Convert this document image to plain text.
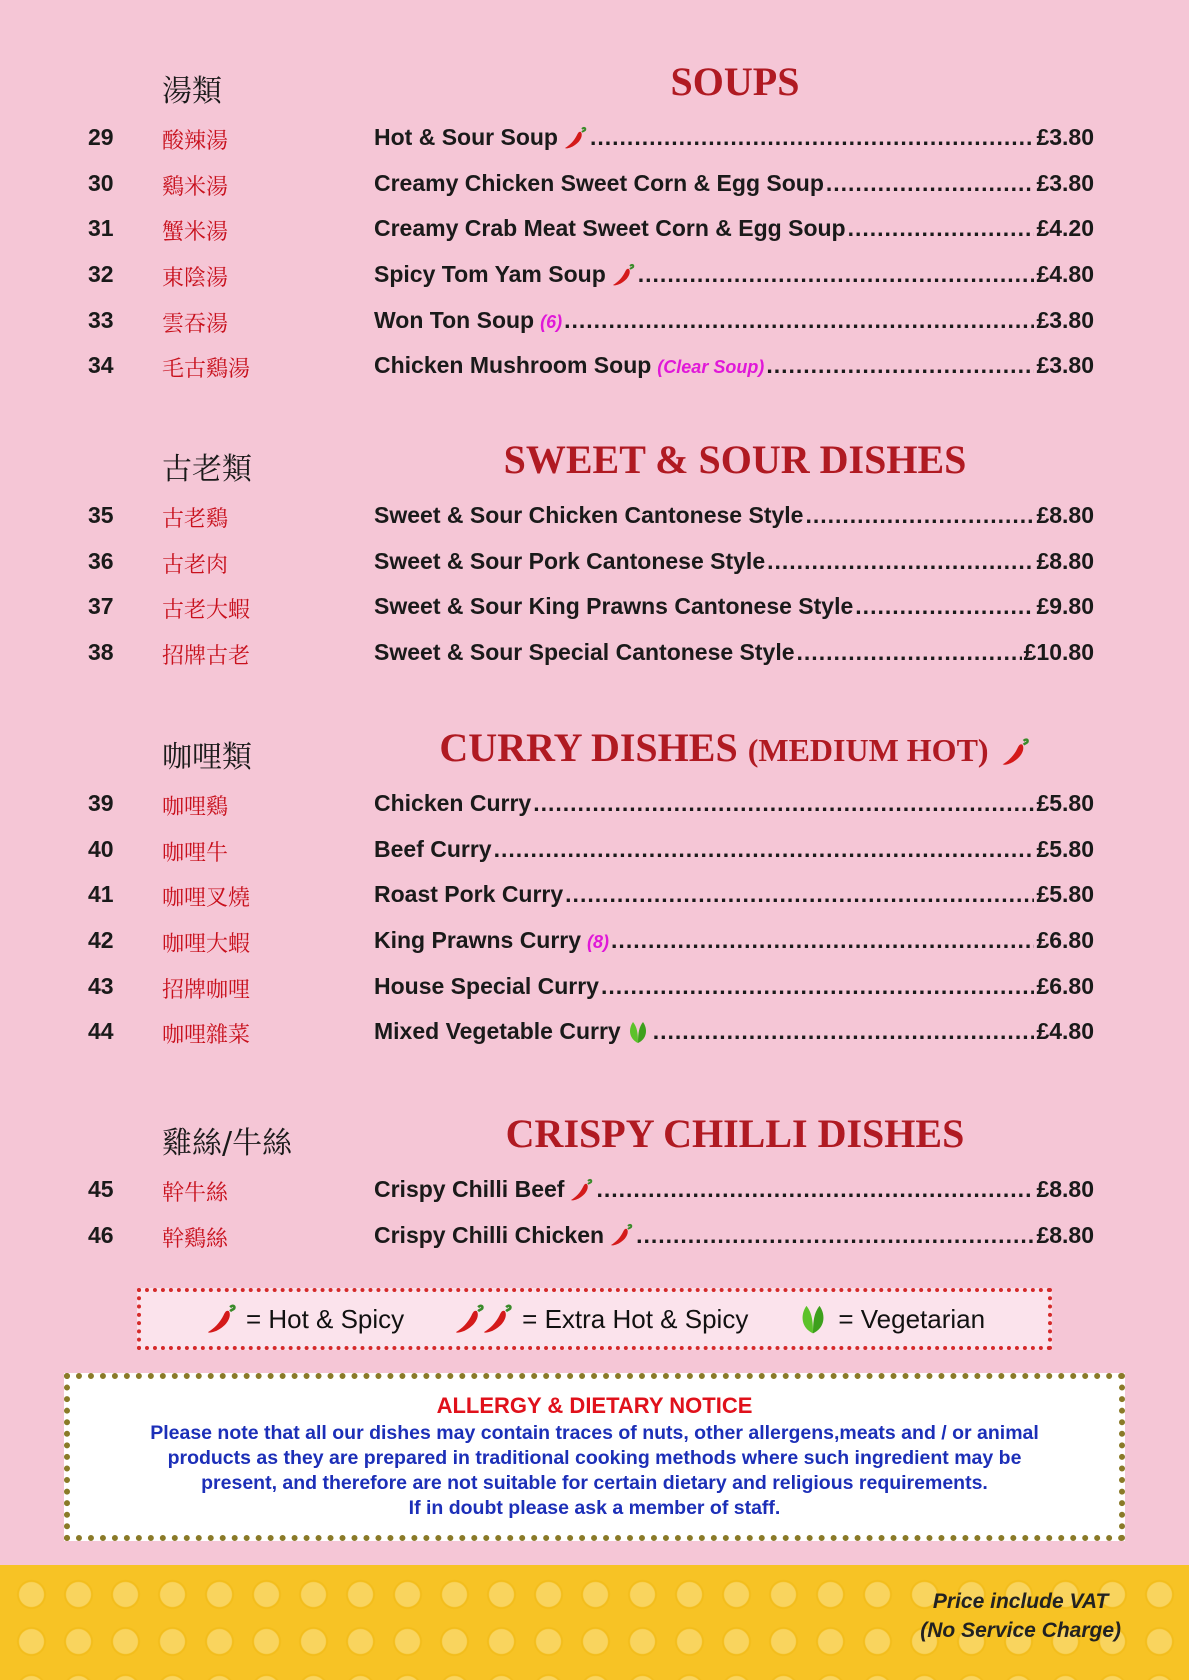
湯類	SOUPS
29 酸辣湯	Hot & Sour Soup .....	£3.80
30 鷄米湯	Creamy Chicken Sweet Corn & Egg Soup .....	£3.80
31 蟹米湯	Creamy Crab Meat Sweet Corn & Egg Soup .....	£4.20
32 東陰湯	Spicy Tom Yam Soup .....	£4.80
33 雲吞湯	Won Ton Soup (6) .....	£3.80
34 毛古鷄湯	Chicken Mushroom Soup (Clear Soup) .....	£3.80
古老類	SWEET & SOUR DISHES
35 古老鷄	Sweet & Sour Chicken Cantonese Style .....	£8.80
36 古老肉	Sweet & Sour Pork Cantonese Style .....	£8.80
37 古老大蝦	Sweet & Sour King Prawns Cantonese Style .....	£9.80
38 招牌古老	Sweet & Sour Special Cantonese Style .....	£10.80
咖哩類	CURRY DISHES (MEDIUM HOT)
39 咖哩鷄	Chicken Curry .....	£5.80
40 咖哩牛	Beef Curry .....	£5.80
41 咖哩叉燒	Roast Pork Curry .....	£5.80
42 咖哩大蝦	King Prawns Curry (8) .....	£6.80
43 招牌咖哩	House Special Curry .....	£6.80
44 咖哩雜菜	Mixed Vegetable Curry .....	£4.80
雞絲/牛絲	CRISPY CHILLI DISHES
45 幹牛絲	Crispy Chilli Beef .....	£8.80
46 幹鷄絲	Crispy Chilli Chicken .....	£8.80
= Hot & Spicy	= Extra Hot & Spicy	= Vegetarian
ALLERGY & DIETARY NOTICE
Please note that all our dishes may contain traces of nuts, other allergens,meats and / or animal
products as they are prepared in traditional cooking methods where such ingredient may be
present, and therefore are not suitable for certain dietary and religious requirements.
If in doubt please ask a member of staff.
Price include VAT
(No Service Charge)
